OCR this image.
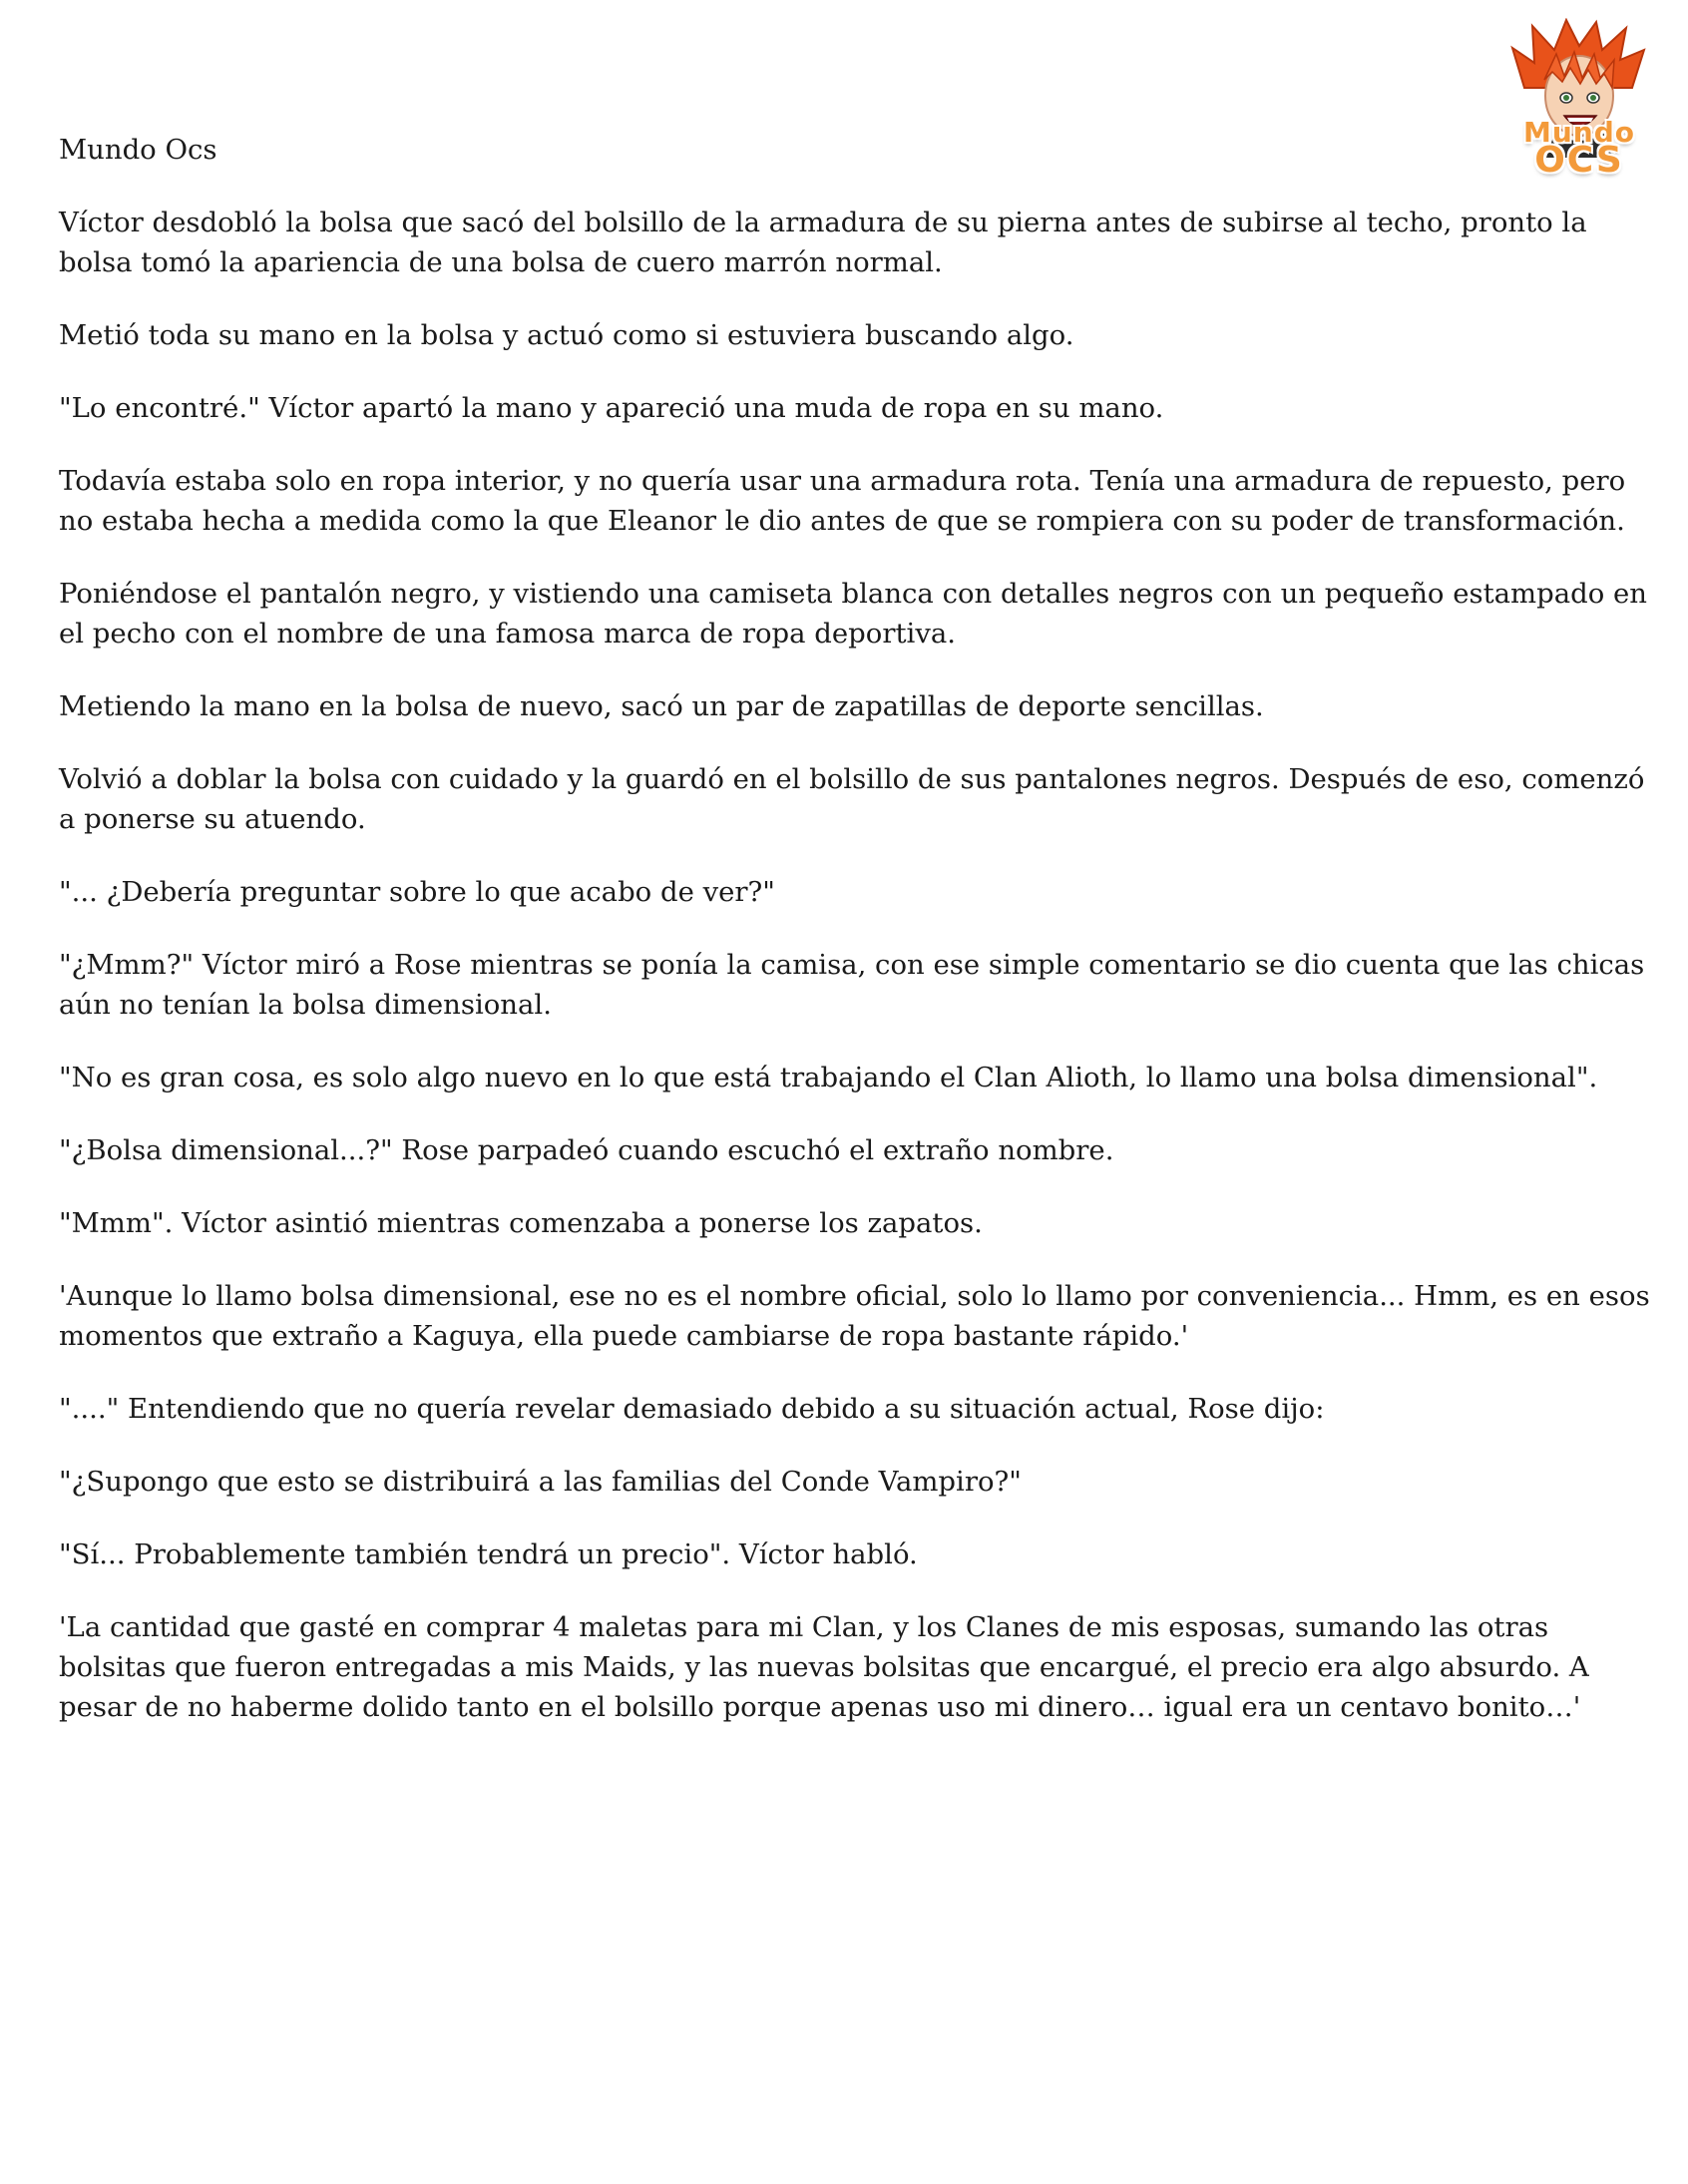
Mundo
OCS

Mundo Ocs

Víctor desdobló la bolsa que sacó del bolsillo de la armadura de su pierna antes de subirse al techo, pronto la bolsa tomó la apariencia de una bolsa de cuero marrón normal.

Metió toda su mano en la bolsa y actuó como si estuviera buscando algo.

"Lo encontré." Víctor apartó la mano y apareció una muda de ropa en su mano.

Todavía estaba solo en ropa interior, y no quería usar una armadura rota. Tenía una armadura de repuesto, pero no estaba hecha a medida como la que Eleanor le dio antes de que se rompiera con su poder de transformación.

Poniéndose el pantalón negro, y vistiendo una camiseta blanca con detalles negros con un pequeño estampado en el pecho con el nombre de una famosa marca de ropa deportiva.

Metiendo la mano en la bolsa de nuevo, sacó un par de zapatillas de deporte sencillas.

Volvió a doblar la bolsa con cuidado y la guardó en el bolsillo de sus pantalones negros. Después de eso, comenzó a ponerse su atuendo.

"... ¿Debería preguntar sobre lo que acabo de ver?"

"¿Mmm?" Víctor miró a Rose mientras se ponía la camisa, con ese simple comentario se dio cuenta que las chicas aún no tenían la bolsa dimensional.

"No es gran cosa, es solo algo nuevo en lo que está trabajando el Clan Alioth, lo llamo una bolsa dimensional".

"¿Bolsa dimensional...?" Rose parpadeó cuando escuchó el extraño nombre.

"Mmm". Víctor asintió mientras comenzaba a ponerse los zapatos.

'Aunque lo llamo bolsa dimensional, ese no es el nombre oficial, solo lo llamo por conveniencia... Hmm, es en esos momentos que extraño a Kaguya, ella puede cambiarse de ropa bastante rápido.'

"...." Entendiendo que no quería revelar demasiado debido a su situación actual, Rose dijo:

"¿Supongo que esto se distribuirá a las familias del Conde Vampiro?"

"Sí... Probablemente también tendrá un precio". Víctor habló.

'La cantidad que gasté en comprar 4 maletas para mi Clan, y los Clanes de mis esposas, sumando las otras bolsitas que fueron entregadas a mis Maids, y las nuevas bolsitas que encargué, el precio era algo absurdo. A pesar de no haberme dolido tanto en el bolsillo porque apenas uso mi dinero… igual era un centavo bonito…'
